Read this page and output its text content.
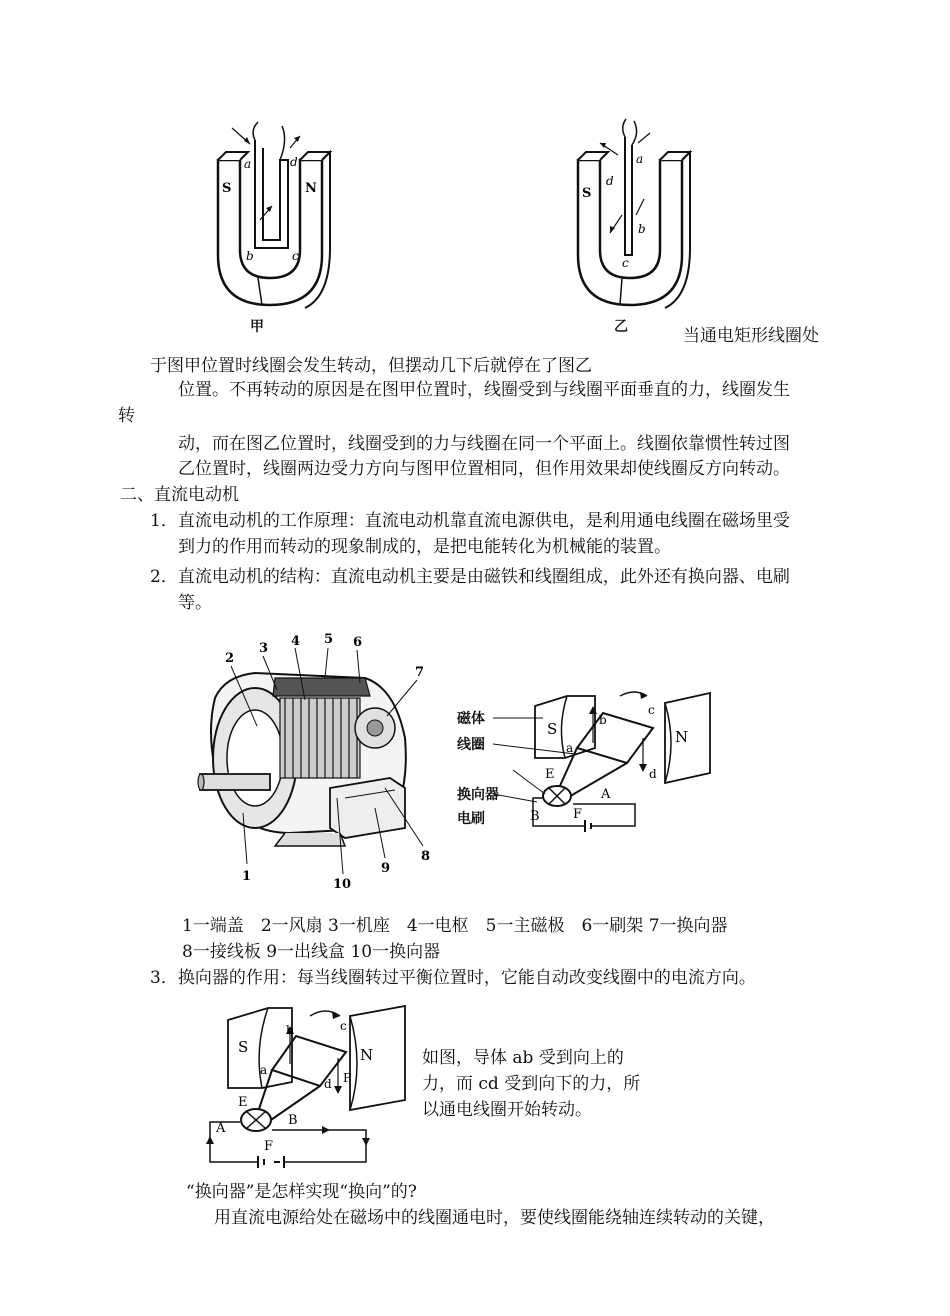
S	N
a	d
b	c
甲
S
d
a
b
c
乙	当通电矩形线圈处
于图甲位置时线圈会发生转动，但摆动几下后就停在了图乙
位置。不再转动的原因是在图甲位置时，线圈受到与线圈平面垂直的力，线圈发生
转
动，而在图乙位置时，线圈受到的力与线圈在同一个平面上。线圈依靠惯性转过图
乙位置时，线圈两边受力方向与图甲位置相同，但作用效果却使线圈反方向转动。
二、直流电动机
1．直流电动机的工作原理：直流电动机靠直流电源供电，是利用通电线圈在磁场里受
到力的作用而转动的现象制成的，是把电能转化为机械能的装置。
2．直流电动机的结构：直流电动机主要是由磁铁和线圈组成，此外还有换向器、电刷
等。
1
2
3 4 5 6
7
8
9
10
S	N
a
b
c
d
E
A
B	F
磁体
线圈
换向器
电刷
1一端盖　2一风扇 3一机座　4一电枢　5一主磁极　6一刷架 7一换向器
8一接线板 9一出线盒 10一换向器
3．换向器的作用：每当线圈转过平衡位置时，它能自动改变线圈中的电流方向。
S	N
a
b	c
d F
E
A
B
F
如图，导体 ab 受到向上的
力，而 cd 受到向下的力，所
以通电线圈开始转动。
“换向器”是怎样实现“换向”的?
用直流电源给处在磁场中的线圈通电时，要使线圈能绕轴连续转动的关键，
